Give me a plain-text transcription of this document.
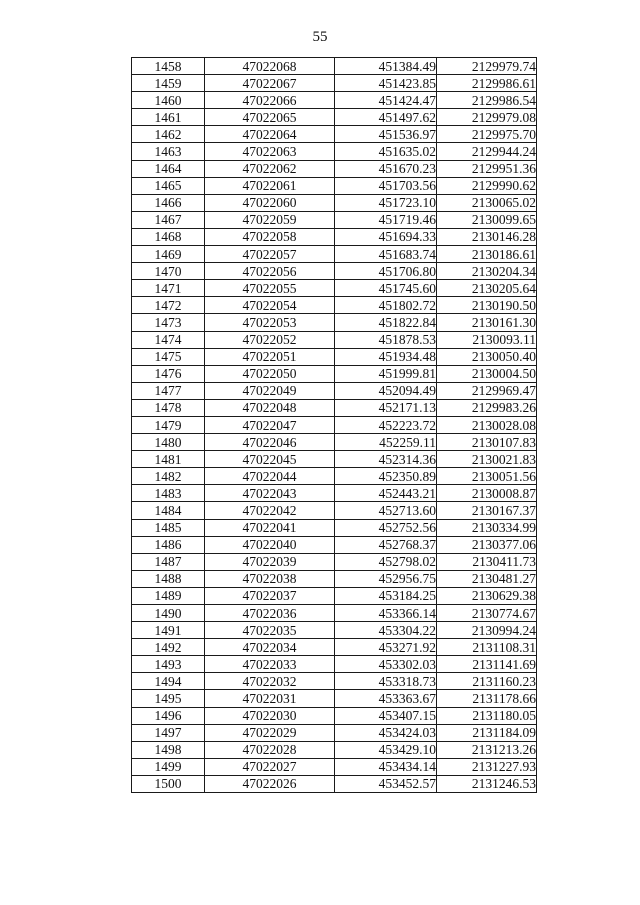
55
1458	47022068	451384.49	2129979.74
1459	47022067	451423.85	2129986.61
1460	47022066	451424.47	2129986.54
1461	47022065	451497.62	2129979.08
1462	47022064	451536.97	2129975.70
1463	47022063	451635.02	2129944.24
1464	47022062	451670.23	2129951.36
1465	47022061	451703.56	2129990.62
1466	47022060	451723.10	2130065.02
1467	47022059	451719.46	2130099.65
1468	47022058	451694.33	2130146.28
1469	47022057	451683.74	2130186.61
1470	47022056	451706.80	2130204.34
1471	47022055	451745.60	2130205.64
1472	47022054	451802.72	2130190.50
1473	47022053	451822.84	2130161.30
1474	47022052	451878.53	2130093.11
1475	47022051	451934.48	2130050.40
1476	47022050	451999.81	2130004.50
1477	47022049	452094.49	2129969.47
1478	47022048	452171.13	2129983.26
1479	47022047	452223.72	2130028.08
1480	47022046	452259.11	2130107.83
1481	47022045	452314.36	2130021.83
1482	47022044	452350.89	2130051.56
1483	47022043	452443.21	2130008.87
1484	47022042	452713.60	2130167.37
1485	47022041	452752.56	2130334.99
1486	47022040	452768.37	2130377.06
1487	47022039	452798.02	2130411.73
1488	47022038	452956.75	2130481.27
1489	47022037	453184.25	2130629.38
1490	47022036	453366.14	2130774.67
1491	47022035	453304.22	2130994.24
1492	47022034	453271.92	2131108.31
1493	47022033	453302.03	2131141.69
1494	47022032	453318.73	2131160.23
1495	47022031	453363.67	2131178.66
1496	47022030	453407.15	2131180.05
1497	47022029	453424.03	2131184.09
1498	47022028	453429.10	2131213.26
1499	47022027	453434.14	2131227.93
1500	47022026	453452.57	2131246.53
